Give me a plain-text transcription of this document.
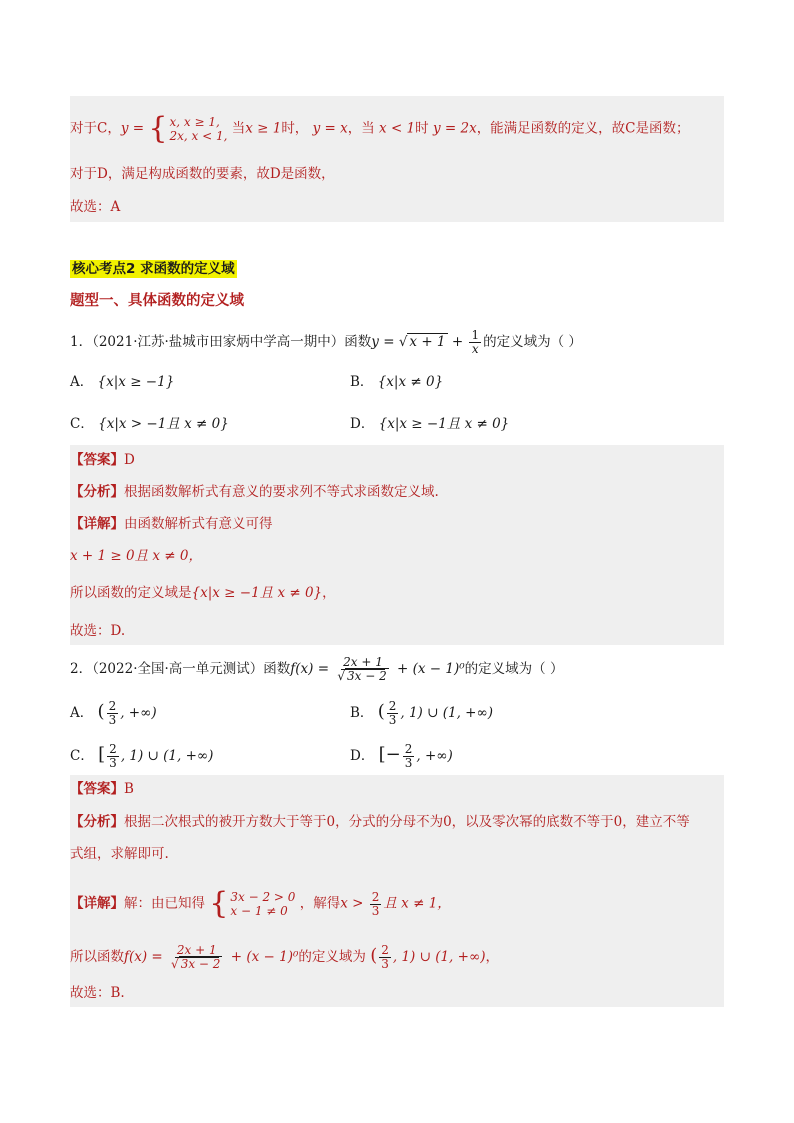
对于C，y = { x, x ≥ 1,
2x, x < 1, 当x ≥ 1时， y = x，当 x < 1时 y = 2x，能满足函数的定义，故C是函数；
对于D，满足构成函数的要素，故D是函数，
故选：A
核心考点2 求函数的定义域
题型一、具体函数的定义域
1．（2021·江苏·盐城市田家炳中学高一期中）函数y = √ $x + 1 + \frac{1}{x}$ 的定义域为（ ）
A． {x|x ≥ −1}	B． {x|x ≠ 0}
C． {x|x > −1且 x ≠ 0}	D． {x|x ≥ −1且 x ≠ 0}
【答案】D
【分析】根据函数解析式有意义的要求列不等式求函数定义域.
【详解】由函数解析式有意义可得
x + 1 ≥ 0且 x ≠ 0，
所以函数的定义域是{x|x ≥ −1且 x ≠ 0}，
故选：D.
2．（2022·全国·高一单元测试）函数$f(x) = \frac{2x + 1}{√ 3x - 2} + (x - 1)^0$的定义域为（ ）
A． ( $\frac{2}{3}$ , +∞)	B． ( $\frac{2}{3}$ , 1) ∪ (1, +∞)
C． [ $\frac{2}{3}$ , 1) ∪ (1, +∞)	D． [− $\frac{2}{3}$ , +∞)
【答案】B
【分析】根据二次根式的被开方数大于等于0，分式的分母不为0，以及零次幂的底数不等于0，建立不等
式组，求解即可.
【详解】解：由已知得 { 3x − 2 > 0
x − 1 ≠ 0 ，解得$x > \frac{2}{3}$ 且 x ≠ 1，
所以函数$f(x) = \frac{2x + 1}{√ 3x - 2} + (x - 1)^0$的定义域为 ( $\frac{2}{3}$ , 1) ∪ (1, +∞)，
故选：B.
